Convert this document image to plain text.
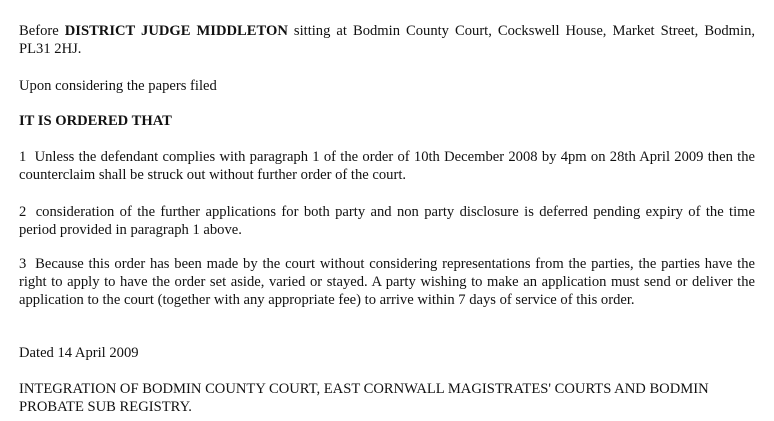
Before DISTRICT JUDGE MIDDLETON sitting at Bodmin County Court, Cockswell House, Market Street, Bodmin, PL31 2HJ.

Upon considering the papers filed

IT IS ORDERED THAT

1 Unless the defendant complies with paragraph 1 of the order of 10th December 2008 by 4pm on 28th April 2009 then the counterclaim shall be struck out without further order of the court.

2 consideration of the further applications for both party and non party disclosure is deferred pending expiry of the time period provided in paragraph 1 above.

3 Because this order has been made by the court without considering representations from the parties, the parties have the right to apply to have the order set aside, varied or stayed. A party wishing to make an application must send or deliver the application to the court (together with any appropriate fee) to arrive within 7 days of service of this order.

Dated 14 April 2009

INTEGRATION OF BODMIN COUNTY COURT, EAST CORNWALL MAGISTRATES' COURTS AND BODMIN PROBATE SUB REGISTRY.
